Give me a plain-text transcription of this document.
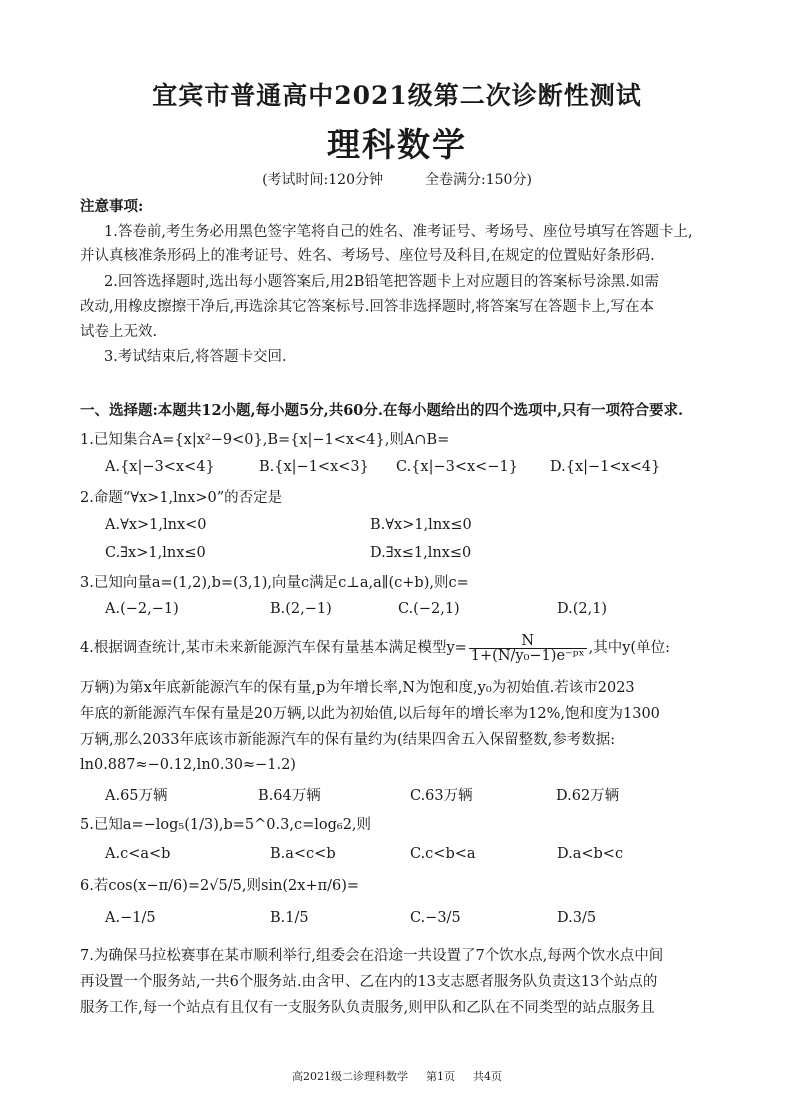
宜宾市普通高中2021级第二次诊断性测试
理科数学
(考试时间:120分钟	全卷满分:150分)
注意事项:
1.答卷前,考生务必用黑色签字笔将自己的姓名、准考证号、考场号、座位号填写在答题卡上,
并认真核准条形码上的准考证号、姓名、考场号、座位号及科目,在规定的位置贴好条形码.
2.回答选择题时,选出每小题答案后,用2B铅笔把答题卡上对应题目的答案标号涂黑.如需
改动,用橡皮擦擦干净后,再选涂其它答案标号.回答非选择题时,将答案写在答题卡上,写在本
试卷上无效.
3.考试结束后,将答题卡交回.
一、选择题:本题共12小题,每小题5分,共60分.在每小题给出的四个选项中,只有一项符合要求.
1.已知集合A={x|x²−9<0},B={x|−1<x<4},则A∩B=
A.{x|−3<x<4}	B.{x|−1<x<3} C.{x|−3<x<−1} D.{x|−1<x<4}
2.命题“∀x>1,lnx>0”的否定是
A.∀x>1,lnx<0	B.∀x>1,lnx≤0
C.∃x>1,lnx≤0	D.∃x≤1,lnx≤0
3.已知向量a=(1,2),b=(3,1),向量c满足c⊥a,a∥(c+b),则c=
A.(−2,−1)	B.(2,−1)	C.(−2,1)	D.(2,1)
4.根据调查统计,某市未来新能源汽车保有量基本满足模型$y= \frac{N}{\text{1+(N/y₀−1)e⁻ᵖˣ}}$ ,其中y(单位:
万辆)为第x年底新能源汽车的保有量,p为年增长率,N为饱和度,y₀为初始值.若该市2023
年底的新能源汽车保有量是20万辆,以此为初始值,以后每年的增长率为12%,饱和度为1300
万辆,那么2033年底该市新能源汽车的保有量约为(结果四舍五入保留整数,参考数据:
ln0.887≈−0.12,ln0.30≈−1.2)
A.65万辆	B.64万辆	C.63万辆	D.62万辆
5.已知a=−log₅(1/3),b=5^0.3,c=log₆2,则
A.c<a<b	B.a<c<b	C.c<b<a	D.a<b<c
6.若cos(x−π/6)=2√5/5,则sin(2x+π/6)=
A.−1/5	B.1/5	C.−3/5	D.3/5
7.为确保马拉松赛事在某市顺利举行,组委会在沿途一共设置了7个饮水点,每两个饮水点中间
再设置一个服务站,一共6个服务站.由含甲、乙在内的13支志愿者服务队负责这13个站点的
服务工作,每一个站点有且仅有一支服务队负责服务,则甲队和乙队在不同类型的站点服务且
高2021级二诊理科数学 第1页 共4页
